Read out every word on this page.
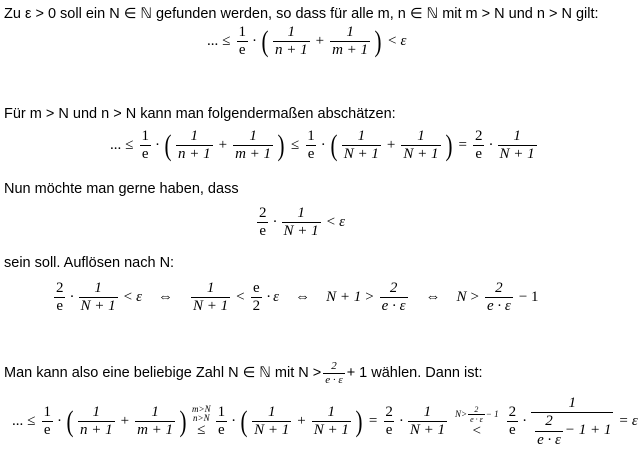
Zu ε > 0 soll ein N ∈ ℕ gefunden werden, so dass für alle m, n ∈ ℕ mit m > N und n > N gilt:
... ≤ $\frac{1}{e}$ · ( $\frac{1}{n + 1} + \frac{1}{m + 1}$ ) < ε
Für m > N und n > N kann man folgendermaßen abschätzen:
... ≤ $\frac{1}{e}$ · ( $\frac{1}{n + 1} + \frac{1}{m + 1}$ ) ≤ $\frac{1}{e}$ · ( $\frac{1}{N + 1} + \frac{1}{N + 1}$ ) = $\frac{2}{e} \cdot \frac{1}{N + 1}$
Nun möchte man gerne haben, dass
$\frac{2}{e} \cdot \frac{1}{N + 1} < \varepsilon$
sein soll. Auflösen nach N:
$\frac{2}{e} \cdot \frac{1}{N + 1} < \varepsilon$ ⇔ $\frac{1}{N + 1} < \frac{e}{2} \cdot \varepsilon$ ⇔ $N + 1 > \frac{2}{e \cdot \varepsilon}$ ⇔ $N > \frac{2}{e \cdot \varepsilon} - 1$
Man kann also eine beliebige Zahl N ∈ ℕ mit $N > \frac{2}{e \cdot \varepsilon} + 1$ wählen. Dann ist:
... ≤ $\frac{1}{e}$ · ( $\frac{1}{n + 1} + \frac{1}{m + 1}$ ) m>N
n>N
≤ $\frac{1}{e}$ · ( $\frac{1}{N + 1} + \frac{1}{N + 1}$ ) = $\frac{2}{e} \cdot \frac{1}{N + 1} N> \frac{2}{e \cdot \varepsilon} - 1$
< $\frac{2}{e} \cdot \frac{1}{\frac{2}{e \cdot \varepsilon} - 1 + 1} = \varepsilon$
